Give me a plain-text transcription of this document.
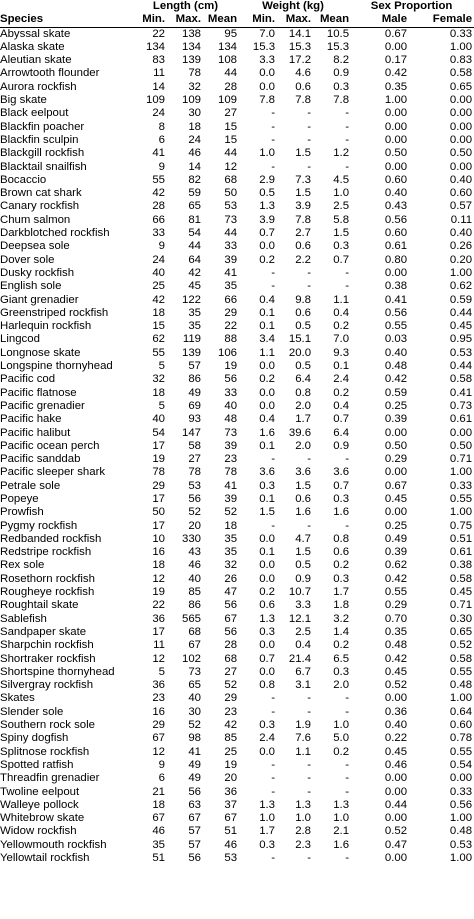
	Length (cm)			Weight (kg)			Sex Proportion	
Species	Min.	Max.	Mean	Min.	Max.	Mean	Male	Female
Abyssal skate	22	138	95	7.0	14.1	10.5	0.67	0.33
Alaska skate	134	134	134	15.3	15.3	15.3	0.00	1.00
Aleutian skate	83	139	108	3.3	17.2	8.2	0.17	0.83
Arrowtooth flounder	11	78	44	0.0	4.6	0.9	0.42	0.58
Aurora rockfish	14	32	28	0.0	0.6	0.3	0.35	0.65
Big skate	109	109	109	7.8	7.8	7.8	1.00	0.00
Black eelpout	24	30	27	-	-	-	0.00	0.00
Blackfin poacher	8	18	15	-	-	-	0.00	0.00
Blackfin sculpin	6	24	15	-	-	-	0.00	0.00
Blackgill rockfish	41	46	44	1.0	1.5	1.2	0.50	0.50
Blacktail snailfish	9	14	12	-	-	-	0.00	0.00
Bocaccio	55	82	68	2.9	7.3	4.5	0.60	0.40
Brown cat shark	42	59	50	0.5	1.5	1.0	0.40	0.60
Canary rockfish	28	65	53	1.3	3.9	2.5	0.43	0.57
Chum salmon	66	81	73	3.9	7.8	5.8	0.56	0.11
Darkblotched rockfish	33	54	44	0.7	2.7	1.5	0.60	0.40
Deepsea sole	9	44	33	0.0	0.6	0.3	0.61	0.26
Dover sole	24	64	39	0.2	2.2	0.7	0.80	0.20
Dusky rockfish	40	42	41	-	-	-	0.00	1.00
English sole	25	45	35	-	-	-	0.38	0.62
Giant grenadier	42	122	66	0.4	9.8	1.1	0.41	0.59
Greenstriped rockfish	18	35	29	0.1	0.6	0.4	0.56	0.44
Harlequin rockfish	15	35	22	0.1	0.5	0.2	0.55	0.45
Lingcod	62	119	88	3.4	15.1	7.0	0.03	0.95
Longnose skate	55	139	106	1.1	20.0	9.3	0.40	0.53
Longspine thornyhead	5	57	19	0.0	0.5	0.1	0.48	0.44
Pacific cod	32	86	56	0.2	6.4	2.4	0.42	0.58
Pacific flatnose	18	49	33	0.0	0.8	0.2	0.59	0.41
Pacific grenadier	5	69	40	0.0	2.0	0.4	0.25	0.73
Pacific hake	40	93	48	0.4	1.7	0.7	0.39	0.61
Pacific halibut	54	147	73	1.6	39.6	6.4	0.00	0.00
Pacific ocean perch	17	58	39	0.1	2.0	0.9	0.50	0.50
Pacific sanddab	19	27	23	-	-	-	0.29	0.71
Pacific sleeper shark	78	78	78	3.6	3.6	3.6	0.00	1.00
Petrale sole	29	53	41	0.3	1.5	0.7	0.67	0.33
Popeye	17	56	39	0.1	0.6	0.3	0.45	0.55
Prowfish	50	52	52	1.5	1.6	1.6	0.00	1.00
Pygmy rockfish	17	20	18	-	-	-	0.25	0.75
Redbanded rockfish	10	330	35	0.0	4.7	0.8	0.49	0.51
Redstripe rockfish	16	43	35	0.1	1.5	0.6	0.39	0.61
Rex sole	18	46	32	0.0	0.5	0.2	0.62	0.38
Rosethorn rockfish	12	40	26	0.0	0.9	0.3	0.42	0.58
Rougheye rockfish	19	85	47	0.2	10.7	1.7	0.55	0.45
Roughtail skate	22	86	56	0.6	3.3	1.8	0.29	0.71
Sablefish	36	565	67	1.3	12.1	3.2	0.70	0.30
Sandpaper skate	17	68	56	0.3	2.5	1.4	0.35	0.65
Sharpchin rockfish	11	67	28	0.0	0.4	0.2	0.48	0.52
Shortraker rockfish	12	102	68	0.7	21.4	6.5	0.42	0.58
Shortspine thornyhead	5	73	27	0.0	6.7	0.3	0.45	0.55
Silvergray rockfish	36	65	52	0.8	3.1	2.0	0.52	0.48
Skates	23	40	29	-	-	-	0.00	1.00
Slender sole	16	30	23	-	-	-	0.36	0.64
Southern rock sole	29	52	42	0.3	1.9	1.0	0.40	0.60
Spiny dogfish	67	98	85	2.4	7.6	5.0	0.22	0.78
Splitnose rockfish	12	41	25	0.0	1.1	0.2	0.45	0.55
Spotted ratfish	9	49	19	-	-	-	0.46	0.54
Threadfin grenadier	6	49	20	-	-	-	0.00	0.00
Twoline eelpout	21	56	36	-	-	-	0.00	0.33
Walleye pollock	18	63	37	1.3	1.3	1.3	0.44	0.56
Whitebrow skate	67	67	67	1.0	1.0	1.0	0.00	1.00
Widow rockfish	46	57	51	1.7	2.8	2.1	0.52	0.48
Yellowmouth rockfish	35	57	46	0.3	2.3	1.6	0.47	0.53
Yellowtail rockfish	51	56	53	-	-	-	0.00	1.00
